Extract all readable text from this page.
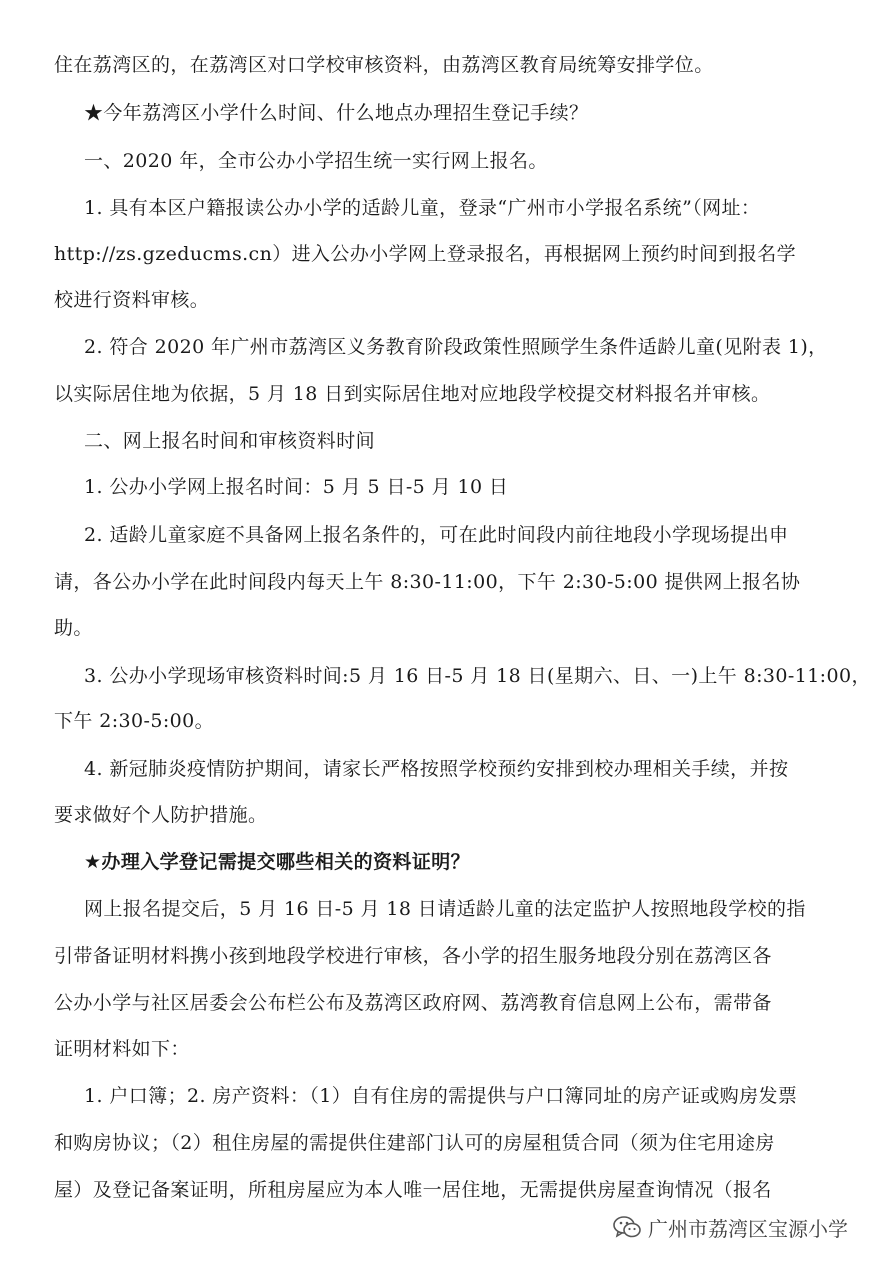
住在荔湾区的，在荔湾区对口学校审核资料，由荔湾区教育局统筹安排学位。
★今年荔湾区小学什么时间、什么地点办理招生登记手续？
一、2020 年，全市公办小学招生统一实行网上报名。
1. 具有本区户籍报读公办小学的适龄儿童，登录“广州市小学报名系统”（网址：
http://zs.gzeducms.cn）进入公办小学网上登录报名，再根据网上预约时间到报名学
校进行资料审核。
2. 符合 2020 年广州市荔湾区义务教育阶段政策性照顾学生条件适龄儿童(见附表 1)，
以实际居住地为依据，5 月 18 日到实际居住地对应地段学校提交材料报名并审核。
二、网上报名时间和审核资料时间
1. 公办小学网上报名时间：5 月 5 日-5 月 10 日
2. 适龄儿童家庭不具备网上报名条件的，可在此时间段内前往地段小学现场提出申
请，各公办小学在此时间段内每天上午 8:30-11:00，下午 2:30-5:00 提供网上报名协
助。
3. 公办小学现场审核资料时间:5 月 16 日-5 月 18 日(星期六、日、一)上午 8:30-11:00，
下午 2:30-5:00。
4. 新冠肺炎疫情防护期间，请家长严格按照学校预约安排到校办理相关手续，并按
要求做好个人防护措施。
★办理入学登记需提交哪些相关的资料证明？
网上报名提交后，5 月 16 日-5 月 18 日请适龄儿童的法定监护人按照地段学校的指
引带备证明材料携小孩到地段学校进行审核，各小学的招生服务地段分别在荔湾区各
公办小学与社区居委会公布栏公布及荔湾区政府网、荔湾教育信息网上公布，需带备
证明材料如下：
1. 户口簿；2. 房产资料：（1）自有住房的需提供与户口簿同址的房产证或购房发票
和购房协议；（2）租住房屋的需提供住建部门认可的房屋租赁合同（须为住宅用途房
屋）及登记备案证明，所租房屋应为本人唯一居住地，无需提供房屋查询情况（报名
广州市荔湾区宝源小学
